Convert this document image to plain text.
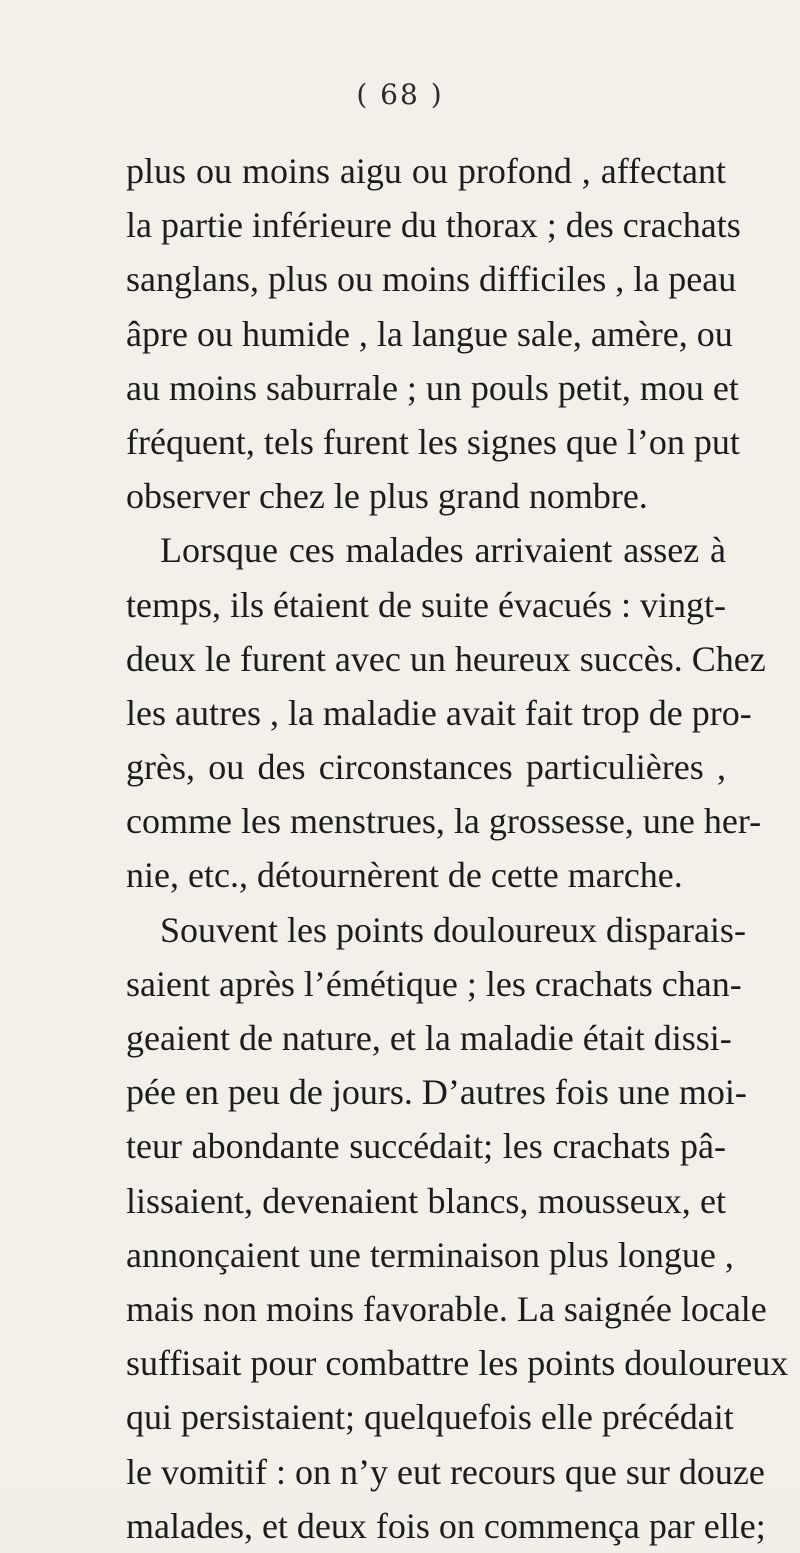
( 68 )
plus ou moins aigu ou profond , affectant
la partie inférieure du thorax ; des crachats
sanglans, plus ou moins difficiles , la peau
âpre ou humide , la langue sale, amère, ou
au moins saburrale ; un pouls petit, mou et
fréquent, tels furent les signes que l’on put
observer chez le plus grand nombre.
Lorsque ces malades arrivaient assez à
temps, ils étaient de suite évacués : vingt-
deux le furent avec un heureux succès. Chez
les autres , la maladie avait fait trop de pro-
grès, ou des circonstances particulières ,
comme les menstrues, la grossesse, une her-
nie, etc., détournèrent de cette marche.
Souvent les points douloureux disparais-
saient après l’émétique ; les crachats chan-
geaient de nature, et la maladie était dissi-
pée en peu de jours. D’autres fois une moi-
teur abondante succédait; les crachats pâ-
lissaient, devenaient blancs, mousseux, et
annonçaient une terminaison plus longue ,
mais non moins favorable. La saignée locale
suffisait pour combattre les points douloureux
qui persistaient; quelquefois elle précédait
le vomitif : on n’y eut recours que sur douze
malades, et deux fois on commença par elle;
